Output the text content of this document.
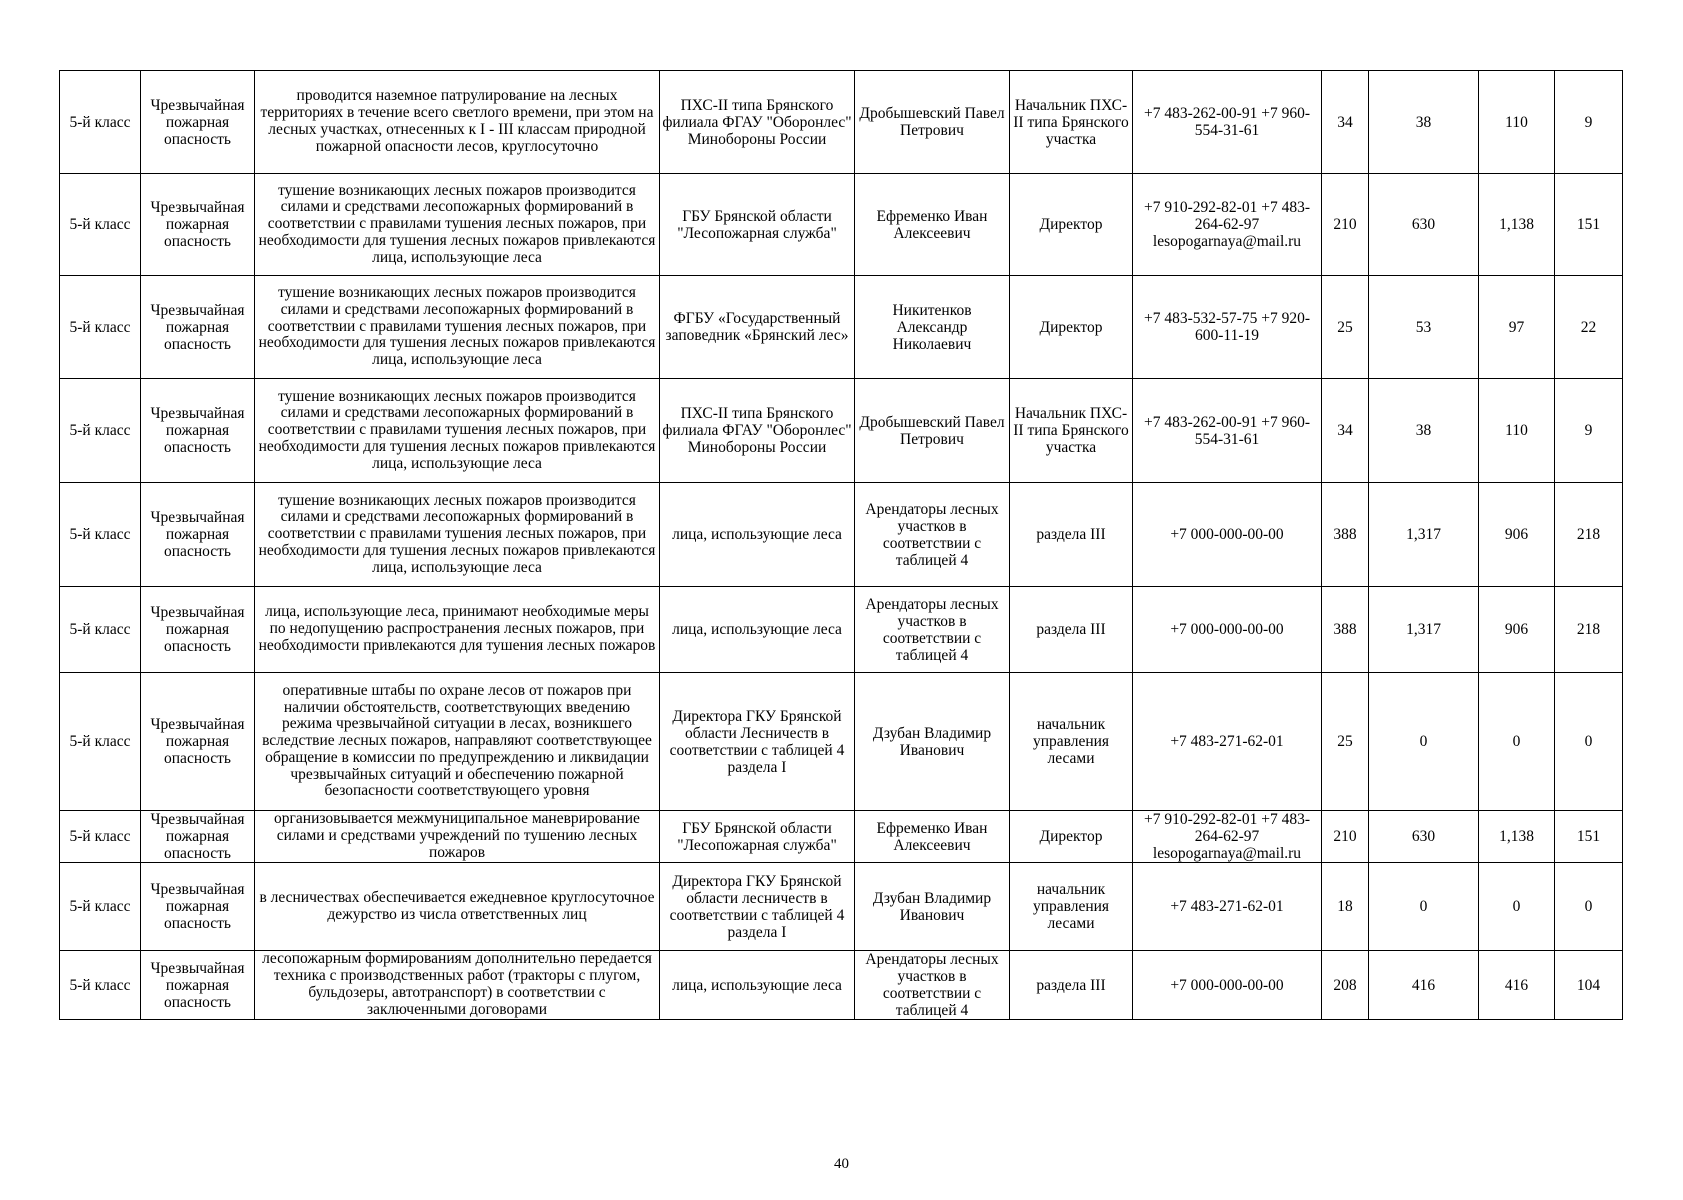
5-й класс	Чрезвычайная пожарная опасность	проводится наземное патрулирование на лесных территориях в течение всего светлого времени, при этом на лесных участках, отнесенных к I - III классам природной пожарной опасности лесов, круглосуточно	ПХС-II типа Брянского филиала ФГАУ "Оборонлес" Минобороны России	Дробышевский Павел Петрович	Начальник ПХС-II типа Брянского участка	+7 483-262-00-91 +7 960-554-31-61	34	38	110	9
5-й класс	Чрезвычайная пожарная опасность	тушение возникающих лесных пожаров производится силами и средствами лесопожарных формирований в соответствии с правилами тушения лесных пожаров, при необходимости для тушения лесных пожаров привлекаются лица, использующие леса	ГБУ Брянской области "Лесопожарная служба"	Ефременко Иван Алексеевич	Директор	+7 910-292-82-01 +7 483-264-62-97 lesopogarnaya@mail.ru	210	630	1,138	151
5-й класс	Чрезвычайная пожарная опасность	тушение возникающих лесных пожаров производится силами и средствами лесопожарных формирований в соответствии с правилами тушения лесных пожаров, при необходимости для тушения лесных пожаров привлекаются лица, использующие леса	ФГБУ «Государственный заповедник «Брянский лес»	Никитенков Александр Николаевич	Директор	+7 483-532-57-75 +7 920-600-11-19	25	53	97	22
5-й класс	Чрезвычайная пожарная опасность	тушение возникающих лесных пожаров производится силами и средствами лесопожарных формирований в соответствии с правилами тушения лесных пожаров, при необходимости для тушения лесных пожаров привлекаются лица, использующие леса	ПХС-II типа Брянского филиала ФГАУ "Оборонлес" Минобороны России	Дробышевский Павел Петрович	Начальник ПХС-II типа Брянского участка	+7 483-262-00-91 +7 960-554-31-61	34	38	110	9
5-й класс	Чрезвычайная пожарная опасность	тушение возникающих лесных пожаров производится силами и средствами лесопожарных формирований в соответствии с правилами тушения лесных пожаров, при необходимости для тушения лесных пожаров привлекаются лица, использующие леса	лица, использующие леса	Арендаторы лесных участков в соответствии с таблицей 4	раздела III	+7 000-000-00-00	388	1,317	906	218
5-й класс	Чрезвычайная пожарная опасность	лица, использующие леса, принимают необходимые меры по недопущению распространения лесных пожаров, при необходимости привлекаются для тушения лесных пожаров	лица, использующие леса	Арендаторы лесных участков в соответствии с таблицей 4	раздела III	+7 000-000-00-00	388	1,317	906	218
5-й класс	Чрезвычайная пожарная опасность	оперативные штабы по охране лесов от пожаров при наличии обстоятельств, соответствующих введению режима чрезвычайной ситуации в лесах, возникшего вследствие лесных пожаров, направляют соответствующее обращение в комиссии по предупреждению и ликвидации чрезвычайных ситуаций и обеспечению пожарной безопасности соответствующего уровня	Директора ГКУ Брянской области Лесничеств в соответствии с таблицей 4 раздела I	Дзубан Владимир Иванович	начальник управления лесами	+7 483-271-62-01	25	0	0	0
5-й класс	Чрезвычайная пожарная опасность	организовывается межмуниципальное маневрирование силами и средствами учреждений по тушению лесных пожаров	ГБУ Брянской области "Лесопожарная служба"	Ефременко Иван Алексеевич	Директор	+7 910-292-82-01 +7 483-264-62-97 lesopogarnaya@mail.ru	210	630	1,138	151
5-й класс	Чрезвычайная пожарная опасность	в лесничествах обеспечивается ежедневное круглосуточное дежурство из числа ответственных лиц	Директора ГКУ Брянской области лесничеств в соответствии с таблицей 4 раздела I	Дзубан Владимир Иванович	начальник управления лесами	+7 483-271-62-01	18	0	0	0
5-й класс	Чрезвычайная пожарная опасность	лесопожарным формированиям дополнительно передается техника с производственных работ (тракторы с плугом, бульдозеры, автотранспорт) в соответствии с заключенными договорами	лица, использующие леса	Арендаторы лесных участков в соответствии с таблицей 4	раздела III	+7 000-000-00-00	208	416	416	104
40
